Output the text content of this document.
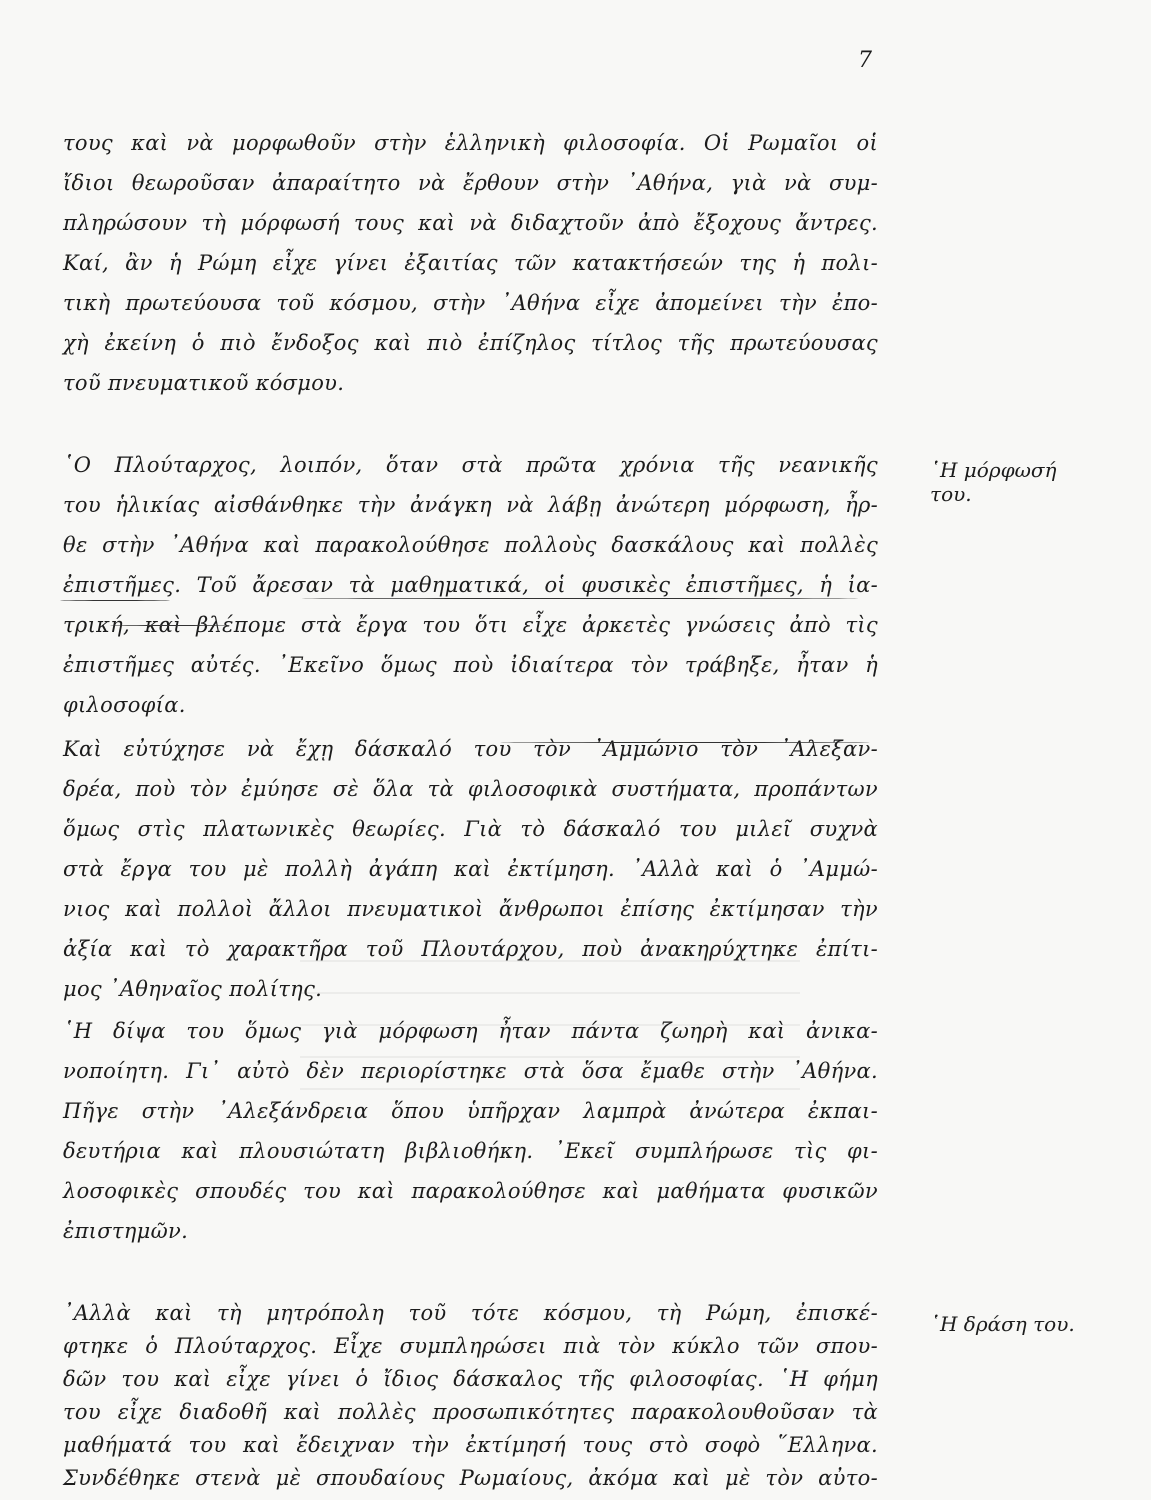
7
τους καὶ νὰ μορφωθοῦν στὴν ἑλληνικὴ φιλοσοφία. Οἱ Ρωμαῖοι οἱ
ἴδιοι θεωροῦσαν ἀπαραίτητο νὰ ἔρθουν στὴν ᾿Αθήνα, γιὰ νὰ συμ-
πληρώσουν τὴ μόρφωσή τους καὶ νὰ διδαχτοῦν ἀπὸ ἔξοχους ἄντρες.
Καί, ἂν ἡ Ρώμη εἶχε γίνει ἐξαιτίας τῶν κατακτήσεών της ἡ πολι-
τικὴ πρωτεύουσα τοῦ κόσμου, στὴν ᾿Αθήνα εἶχε ἀπομείνει τὴν ἐπο-
χὴ ἐκείνη ὁ πιὸ ἔνδοξος καὶ πιὸ ἐπίζηλος τίτλος τῆς πρωτεύουσας
τοῦ πνευματικοῦ κόσμου.
῾Ο Πλούταρχος, λοιπόν, ὅταν στὰ πρῶτα χρόνια τῆς νεανικῆς
του ἡλικίας αἰσθάνθηκε τὴν ἀνάγκη νὰ λάβῃ ἀνώτερη μόρφωση, ἦρ-
θε στὴν ᾿Αθήνα καὶ παρακολούθησε πολλοὺς δασκάλους καὶ πολλὲς
ἐπιστῆμες. Τοῦ ἄρεσαν τὰ μαθηματικά, οἱ φυσικὲς ἐπιστῆμες, ἡ ἰα-
τρική, καὶ βλέπομε στὰ ἔργα του ὅτι εἶχε ἀρκετὲς γνώσεις ἀπὸ τὶς
ἐπιστῆμες αὐτές. ᾿Εκεῖνο ὅμως ποὺ ἰδιαίτερα τὸν τράβηξε, ἦταν ἡ
φιλοσοφία.
Καὶ εὐτύχησε νὰ ἔχῃ δάσκαλό του τὸν ᾿Αμμώνιο τὸν ᾿Αλεξαν-
δρέα, ποὺ τὸν ἐμύησε σὲ ὅλα τὰ φιλοσοφικὰ συστήματα, προπάντων
ὅμως στὶς πλατωνικὲς θεωρίες. Γιὰ τὸ δάσκαλό του μιλεῖ συχνὰ
στὰ ἔργα του μὲ πολλὴ ἀγάπη καὶ ἐκτίμηση. ᾿Αλλὰ καὶ ὁ ᾿Αμμώ-
νιος καὶ πολλοὶ ἄλλοι πνευματικοὶ ἄνθρωποι ἐπίσης ἐκτίμησαν τὴν
ἀξία καὶ τὸ χαρακτῆρα τοῦ Πλουτάρχου, ποὺ ἀνακηρύχτηκε ἐπίτι-
μος ᾿Αθηναῖος πολίτης.
῾Η δίψα του ὅμως γιὰ μόρφωση ἦταν πάντα ζωηρὴ καὶ ἀνικα-
νοποίητη. Γι᾿ αὐτὸ δὲν περιορίστηκε στὰ ὅσα ἔμαθε στὴν ᾿Αθήνα.
Πῆγε στὴν ᾿Αλεξάνδρεια ὅπου ὑπῆρχαν λαμπρὰ ἀνώτερα ἐκπαι-
δευτήρια καὶ πλουσιώτατη βιβλιοθήκη. ᾿Εκεῖ συμπλήρωσε τὶς φι-
λοσοφικὲς σπουδές του καὶ παρακολούθησε καὶ μαθήματα φυσικῶν
ἐπιστημῶν.
᾿Αλλὰ καὶ τὴ μητρόπολη τοῦ τότε κόσμου, τὴ Ρώμη, ἐπισκέ-
φτηκε ὁ Πλούταρχος. Εἶχε συμπληρώσει πιὰ τὸν κύκλο τῶν σπου-
δῶν του καὶ εἶχε γίνει ὁ ἴδιος δάσκαλος τῆς φιλοσοφίας. ῾Η φήμη
του εἶχε διαδοθῆ καὶ πολλὲς προσωπικότητες παρακολουθοῦσαν τὰ
μαθήματά του καὶ ἔδειχναν τὴν ἐκτίμησή τους στὸ σοφὸ ῞Ελληνα.
Συνδέθηκε στενὰ μὲ σπουδαίους Ρωμαίους, ἀκόμα καὶ μὲ τὸν αὐτο-
῾Η μόρφωσή
του.
῾Η δράση του.
